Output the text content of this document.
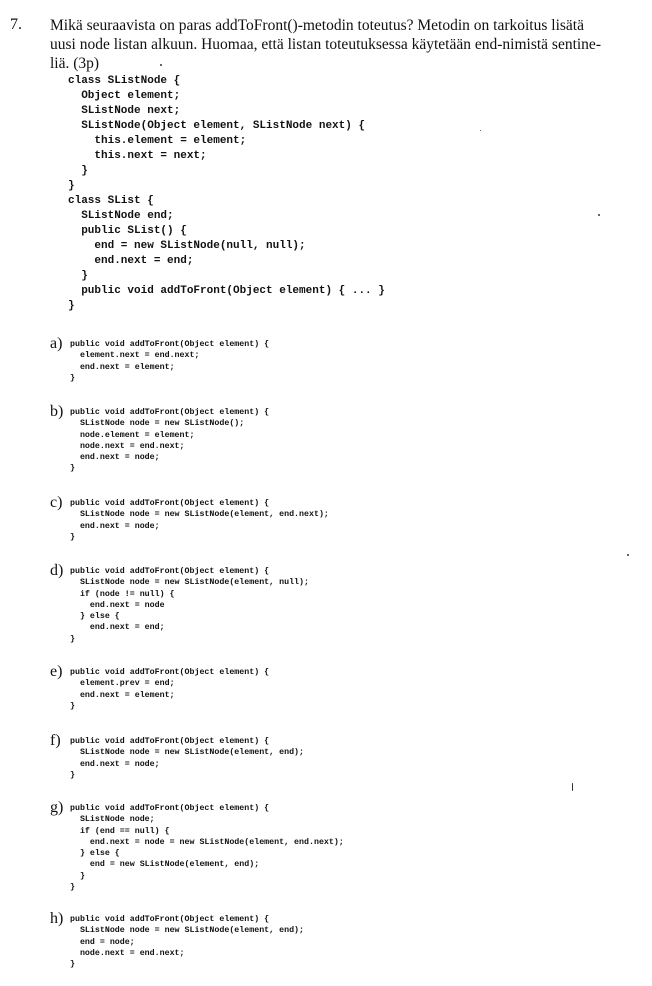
7. Mikä seuraavista on paras addToFront()-metodin toteutus? Metodin on tarkoitus lisätä
uusi node listan alkuun. Huomaa, että listan toteutuksessa käytetään end-nimistä sentine-
liä. (3p)
class SListNode {
Object element;
SListNode next;
SListNode(Object element, SListNode next) {
this.element = element;
this.next = next;
}
}
class SList {
SListNode end;
public SList() {
end = new SListNode(null, null);
end.next = end;
}
public void addToFront(Object element) { ... }
}
a) public void addToFront(Object element) {
element.next = end.next;
end.next = element;
}
b) public void addToFront(Object element) {
SListNode node = new SListNode();
node.element = element;
node.next = end.next;
end.next = node;
}
c) public void addToFront(Object element) {
SListNode node = new SListNode(element, end.next);
end.next = node;
}
d) public void addToFront(Object element) {
SListNode node = new SListNode(element, null);
if (node != null) {
end.next = node
} else {
end.next = end;
}
e) public void addToFront(Object element) {
element.prev = end;
end.next = element;
}
f) public void addToFront(Object element) {
SListNode node = new SListNode(element, end);
end.next = node;
}
g) public void addToFront(Object element) {
SListNode node;
if (end == null) {
end.next = node = new SListNode(element, end.next);
} else {
end = new SListNode(element, end);
}
}
h) public void addToFront(Object element) {
SListNode node = new SListNode(element, end);
end = node;
node.next = end.next;
}
